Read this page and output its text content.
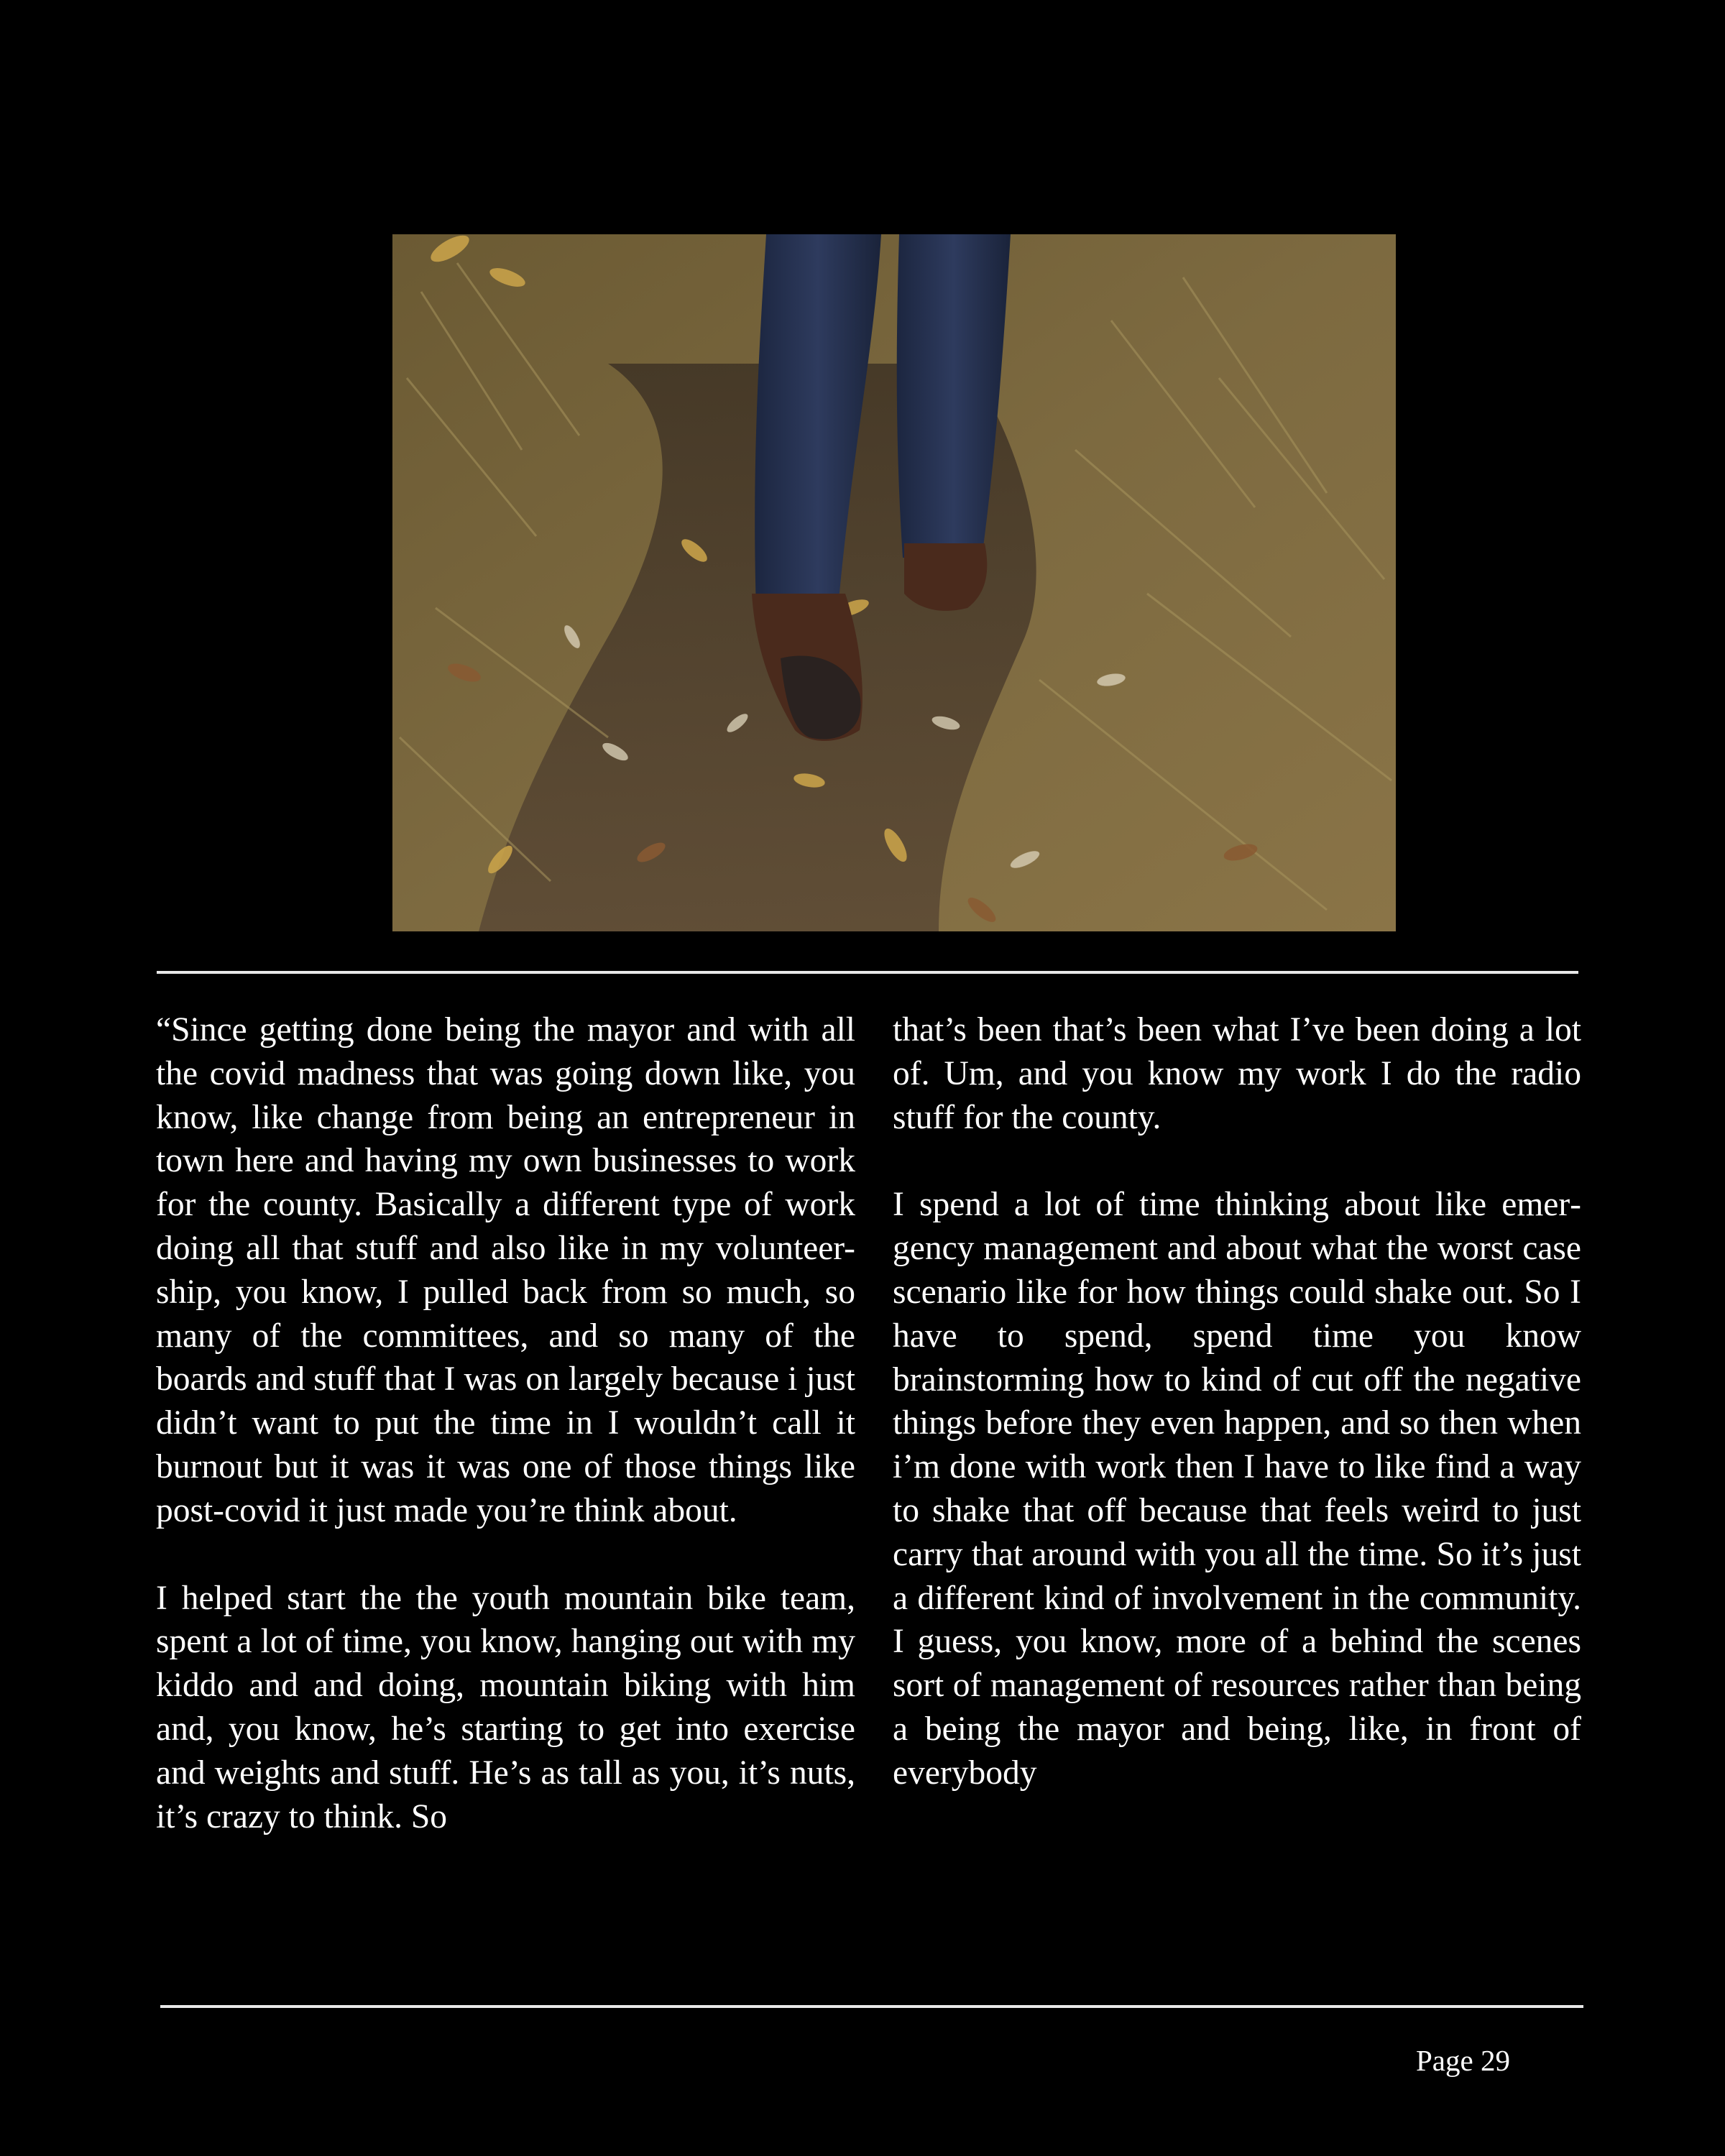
“Since getting done being the mayor and with all the covid madness that was going down like, you know, like change from being an entrepreneur in town here and having my own businesses to work for the county. Basically a different type of work doing all that stuff and also like in my volunteer-ship, you know, I pulled back from so much, so many of the committees, and so many of the boards and stuff that I was on largely because i just didn’t want to put the time in I wouldn’t call it burnout but it was it was one of those things like post-covid it just made you’re think about.

I helped start the the youth mountain bike team, spent a lot of time, you know, hanging out with my kiddo and and doing, mountain biking with him and, you know, he’s starting to get into exercise and weights and stuff. He’s as tall as you, it’s nuts, it’s crazy to think. So

that’s been that’s been what I’ve been doing a lot of. Um, and you know my work I do the radio stuff for the county.

I spend a lot of time thinking about like emergency management and about what the worst case scenario like for how things could shake out. So I have to spend, spend time you know brainstorming how to kind of cut off the negative things before they even happen, and so then when i’m done with work then I have to like find a way to shake that off because that feels weird to just carry that around with you all the time. So it’s just a different kind of involvement in the community. I guess, you know, more of a behind the scenes sort of management of resources rather than being a being the mayor and being, like, in front of everybody

Page 29
